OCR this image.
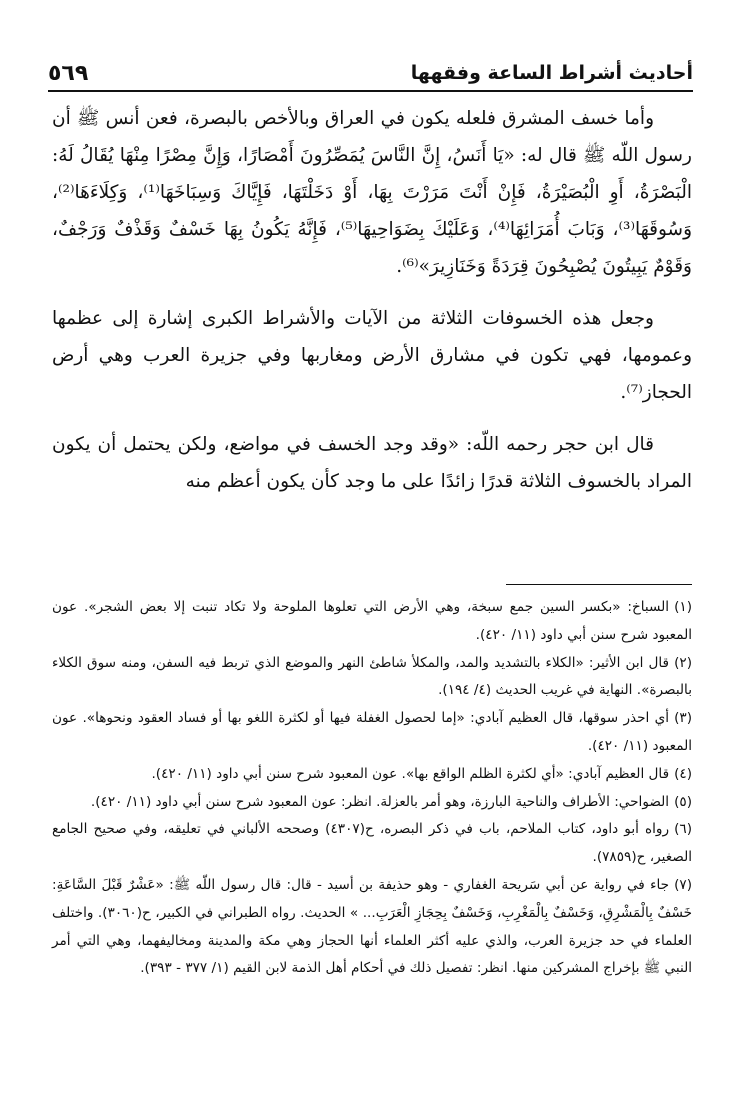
أحاديث أشراط الساعة وفقهها
٥٦٩

وأما خسف المشرق فلعله يكون في العراق وبالأخص بالبصرة، فعن أنس ﷺ أن رسول اللّه ﷺ قال له: «يَا أَنَسُ، إِنَّ النَّاسَ يُمَصِّرُونَ أَمْصَارًا، وَإِنَّ مِصْرًا مِنْهَا يُقَالُ لَهُ: الْبَصْرَةُ، أَوِ الْبُصَيْرَةُ، فَإِنْ أَنْتَ مَرَرْتَ بِهَا، أَوْ دَخَلْتَهَا، فَإِيَّاكَ وَسِبَاخَهَا⁽¹⁾، وَكِلَاءَهَا⁽²⁾، وَسُوقَهَا⁽³⁾، وَبَابَ أُمَرَائِهَا⁽⁴⁾، وَعَلَيْكَ بِضَوَاحِيهَا⁽⁵⁾، فَإِنَّهُ يَكُونُ بِهَا خَسْفٌ وَقَذْفٌ وَرَجْفٌ، وَقَوْمٌ يَبِيتُونَ يُصْبِحُونَ قِرَدَةً وَخَنَازِيرَ»⁽⁶⁾.

وجعل هذه الخسوفات الثلاثة من الآيات والأشراط الكبرى إشارة إلى عظمها وعمومها، فهي تكون في مشارق الأرض ومغاربها وفي جزيرة العرب وهي أرض الحجاز⁽⁷⁾.

قال ابن حجر رحمه اللّه: «وقد وجد الخسف في مواضع، ولكن يحتمل أن يكون المراد بالخسوف الثلاثة قدرًا زائدًا على ما وجد كأن يكون أعظم منه

(١)السباخ: «بكسر السين جمع سبخة، وهي الأرض التي تعلوها الملوحة ولا تكاد تنبت إلا بعض الشجر». عون المعبود شرح سنن أبي داود (١١/ ٤٢٠).

(٢)قال ابن الأثير: «الكلاء بالتشديد والمد، والمكلأ شاطئ النهر والموضع الذي تربط فيه السفن، ومنه سوق الكلاء بالبصرة». النهاية في غريب الحديث (٤/ ١٩٤).

(٣)أي احذر سوقها، قال العظيم آبادي: «إما لحصول الغفلة فيها أو لكثرة اللغو بها أو فساد العقود ونحوها». عون المعبود (١١/ ٤٢٠).

(٤)قال العظيم آبادي: «أي لكثرة الظلم الواقع بها». عون المعبود شرح سنن أبي داود (١١/ ٤٢٠).

(٥)الضواحي: الأطراف والناحية البارزة، وهو أمر بالعزلة. انظر: عون المعبود شرح سنن أبي داود (١١/ ٤٢٠).

(٦)رواه أبو داود، كتاب الملاحم، باب في ذكر البصره، ح(٤٣٠٧) وصححه الألباني في تعليقه، وفي صحيح الجامع الصغير، ح(٧٨٥٩).

(٧)جاء في رواية عن أبي سَريحة الغفاري - وهو حذيفة بن أسيد - قال: قال رسول اللّه ﷺ: «عَشْرٌ قَبْلَ السَّاعَةِ: خَسْفٌ بِالْمَشْرِقِ، وَخَسْفٌ بِالْمَغْرِبِ، وَخَسْفٌ بِحِجَازِ الْعَرَبِ... » الحديث. رواه الطبراني في الكبير، ح(٣٠٦٠). واختلف العلماء في حد جزيرة العرب، والذي عليه أكثر العلماء أنها الحجاز وهي مكة والمدينة ومخاليفهما، وهي التي أمر النبي ﷺ بإخراج المشركين منها. انظر: تفصيل ذلك في أحكام أهل الذمة لابن القيم (١/ ٣٧٧ - ٣٩٣).
